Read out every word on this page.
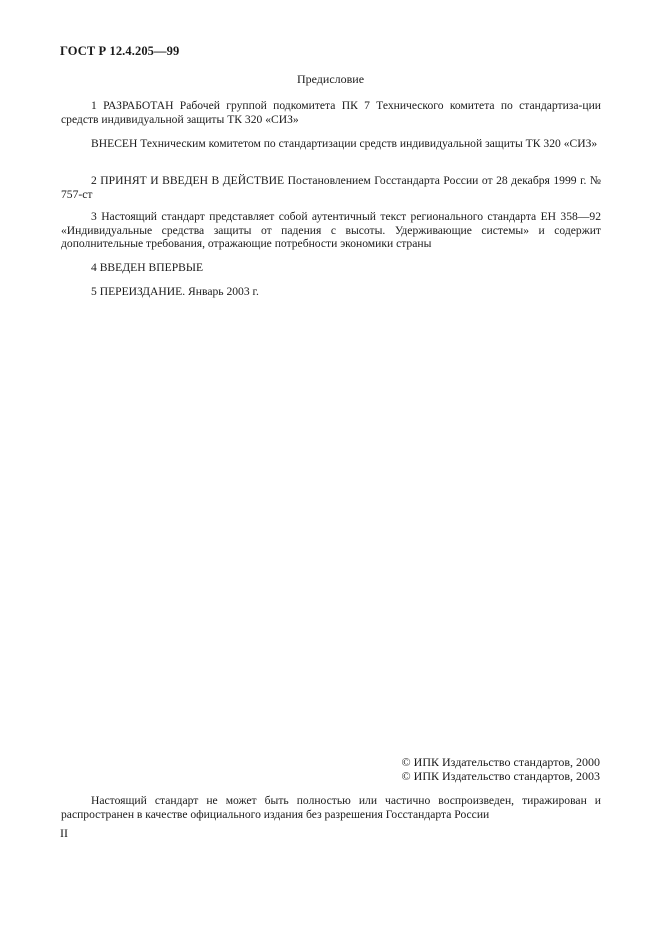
ГОСТ Р 12.4.205—99
Предисловие

1 РАЗРАБОТАН Рабочей группой подкомитета ПК 7 Технического комитета по стандартиза-ции средств индивидуальной защиты ТК 320 «СИЗ»

ВНЕСЕН Техническим комитетом по стандартизации средств индивидуальной защиты ТК 320 «СИЗ»

2 ПРИНЯТ И ВВЕДЕН В ДЕЙСТВИЕ Постановлением Госстандарта России от 28 декабря 1999 г. № 757-ст

3 Настоящий стандарт представляет собой аутентичный текст регионального стандарта ЕН 358—92 «Индивидуальные средства защиты от падения с высоты. Удерживающие системы» и содержит дополнительные требования, отражающие потребности экономики страны

4 ВВЕДЕН ВПЕРВЫЕ

5 ПЕРЕИЗДАНИЕ. Январь 2003 г.

© ИПК Издательство стандартов, 2000
© ИПК Издательство стандартов, 2003

Настоящий стандарт не может быть полностью или частично воспроизведен, тиражирован и распространен в качестве официального издания без разрешения Госстандарта России

II
